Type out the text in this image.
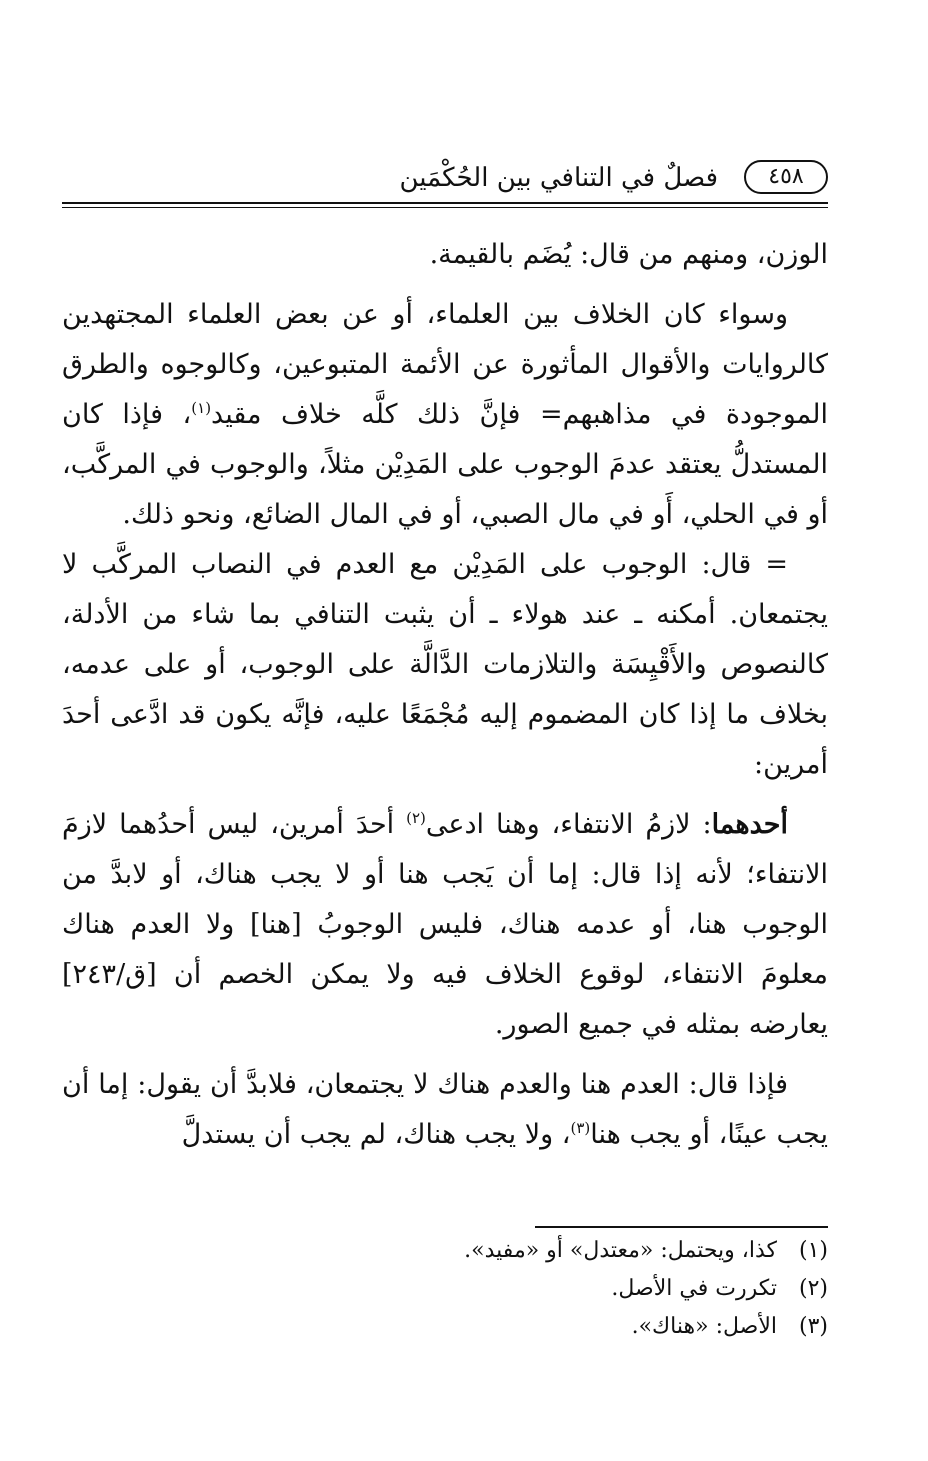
٤٥٨
فصلٌ في التنافي بين الحُكْمَين

الوزن، ومنهم من قال: يُضَم بالقيمة.

وسواء كان الخلاف بين العلماء، أو عن بعض العلماء المجتهدين كالروايات والأقوال المأثورة عن الأئمة المتبوعين، وكالوجوه والطرق الموجودة في مذاهبهم= فإنَّ ذلك كلَّه خلاف مقيد$^{(١)}$، فإذا كان المستدلُّ يعتقد عدمَ الوجوب على المَدِيْن مثلاً، والوجوب في المركَّب، أو في الحلي، أَو في مال الصبي، أو في المال الضائع، ونحو ذلك.

= قال: الوجوب على المَدِيْن مع العدم في النصاب المركَّب لا يجتمعان. أمكنه ـ عند هولاء ـ أن يثبت التنافي بما شاء من الأدلة، كالنصوص والأَقْيِسَة والتلازمات الدَّالَّة على الوجوب، أو على عدمه، بخلاف ما إذا كان المضموم إليه مُجْمَعًا عليه، فإنَّه يكون قد ادَّعى أحدَ أمرين:

أحدهما: لازمُ الانتفاء، وهنا ادعى$^{(٢)}$ أحدَ أمرين، ليس أحدُهما لازمَ الانتفاء؛ لأنه إذا قال: إما أن يَجب هنا أو لا يجب هناك، أو لابدَّ من الوجوب هنا، أو عدمه هناك، فليس الوجوبُ [هنا] ولا العدم هناك معلومَ الانتفاء، لوقوع الخلاف فيه ولا يمكن الخصم أن [ق/٢٤٣] يعارضه بمثله في جميع الصور.

فإذا قال: العدم هنا والعدم هناك لا يجتمعان، فلابدَّ أن يقول: إما أن يجب عينًا، أو يجب هنا$^{(٣)}$، ولا يجب هناك، لم يجب أن يستدلَّ

(١) كذا، ويحتمل: «معتدل» أو «مفيد».

(٢) تكررت في الأصل.

(٣) الأصل: «هناك».
